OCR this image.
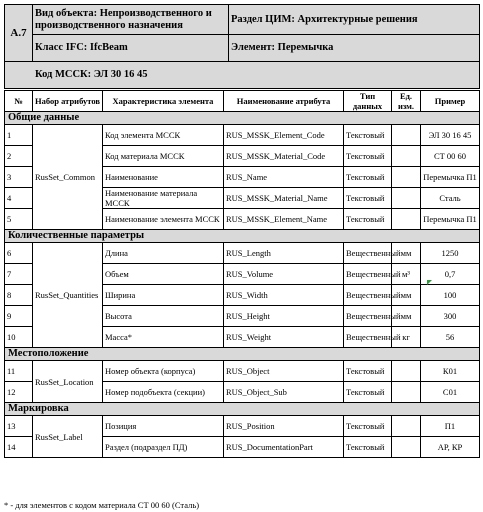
А.7	Вид объекта: Непроизводственного и производственного назначения	Раздел ЦИМ: Архитектурные решения
	Класс IFC: IfcBeam	Элемент: Перемычка
	Код МССК: ЭЛ 30 16 45	
№	Набор атрибутов	Характеристика элемента	Наименование атрибута	Тип данных	Ед. изм.	Пример
Общие данные						
1	RusSet_Common	Код элемента МССК	RUS_MSSK_Element_Code	Текстовый		ЭЛ 30 16 45
2		Код материала МССК	RUS_MSSK_Material_Code	Текстовый		СТ 00 60
3		Наименование	RUS_Name	Текстовый		Перемычка П1
4		Наименование материала МССК	RUS_MSSK_Material_Name	Текстовый		Сталь
5		Наименование элемента МССК	RUS_MSSK_Element_Name	Текстовый		Перемычка П1
Количественные параметры						
6	RusSet_Quantities	Длина	RUS_Length	Вещественный	мм	1250
7		Объем	RUS_Volume	Вещественный	м³	0,7
8		Ширина	RUS_Width	Вещественный	мм	100
9		Высота	RUS_Height	Вещественный	мм	300
10		Масса*	RUS_Weight	Вещественный	кг	56
Местоположение						
11	RusSet_Location	Номер объекта (корпуса)	RUS_Object	Текстовый		К01
12		Номер подобъекта (секции)	RUS_Object_Sub	Текстовый		С01
Маркировка						
13	RusSet_Label	Позиция	RUS_Position	Текстовый		П1
14		Раздел (подраздел ПД)	RUS_DocumentationPart	Текстовый		АР, КР
* - для элементов с кодом материала СТ 00 60 (Сталь)
